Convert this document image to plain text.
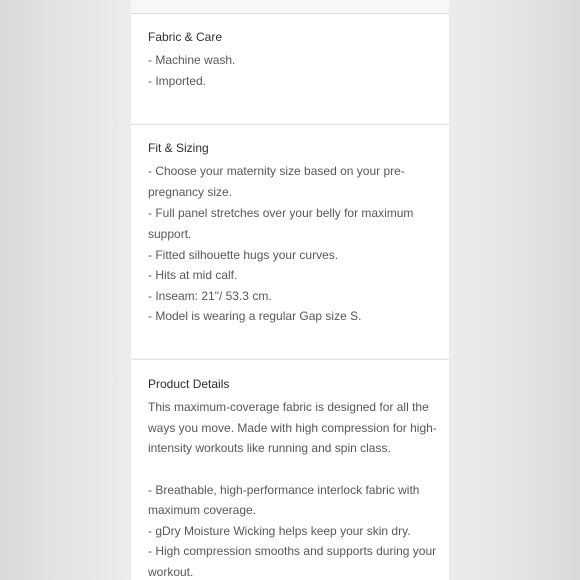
Fabric & Care
- Machine wash.
- Imported.
Fit & Sizing
- Choose your maternity size based on your pre-
pregnancy size.
- Full panel stretches over your belly for maximum
support.
- Fitted silhouette hugs your curves.
- Hits at mid calf.
- Inseam: 21"/ 53.3 cm.
- Model is wearing a regular Gap size S.
Product Details
This maximum-coverage fabric is designed for all the
ways you move. Made with high compression for high-
intensity workouts like running and spin class.
- Breathable, high-performance interlock fabric with
maximum coverage.
- gDry Moisture Wicking helps keep your skin dry.
- High compression smooths and supports during your
workout.
